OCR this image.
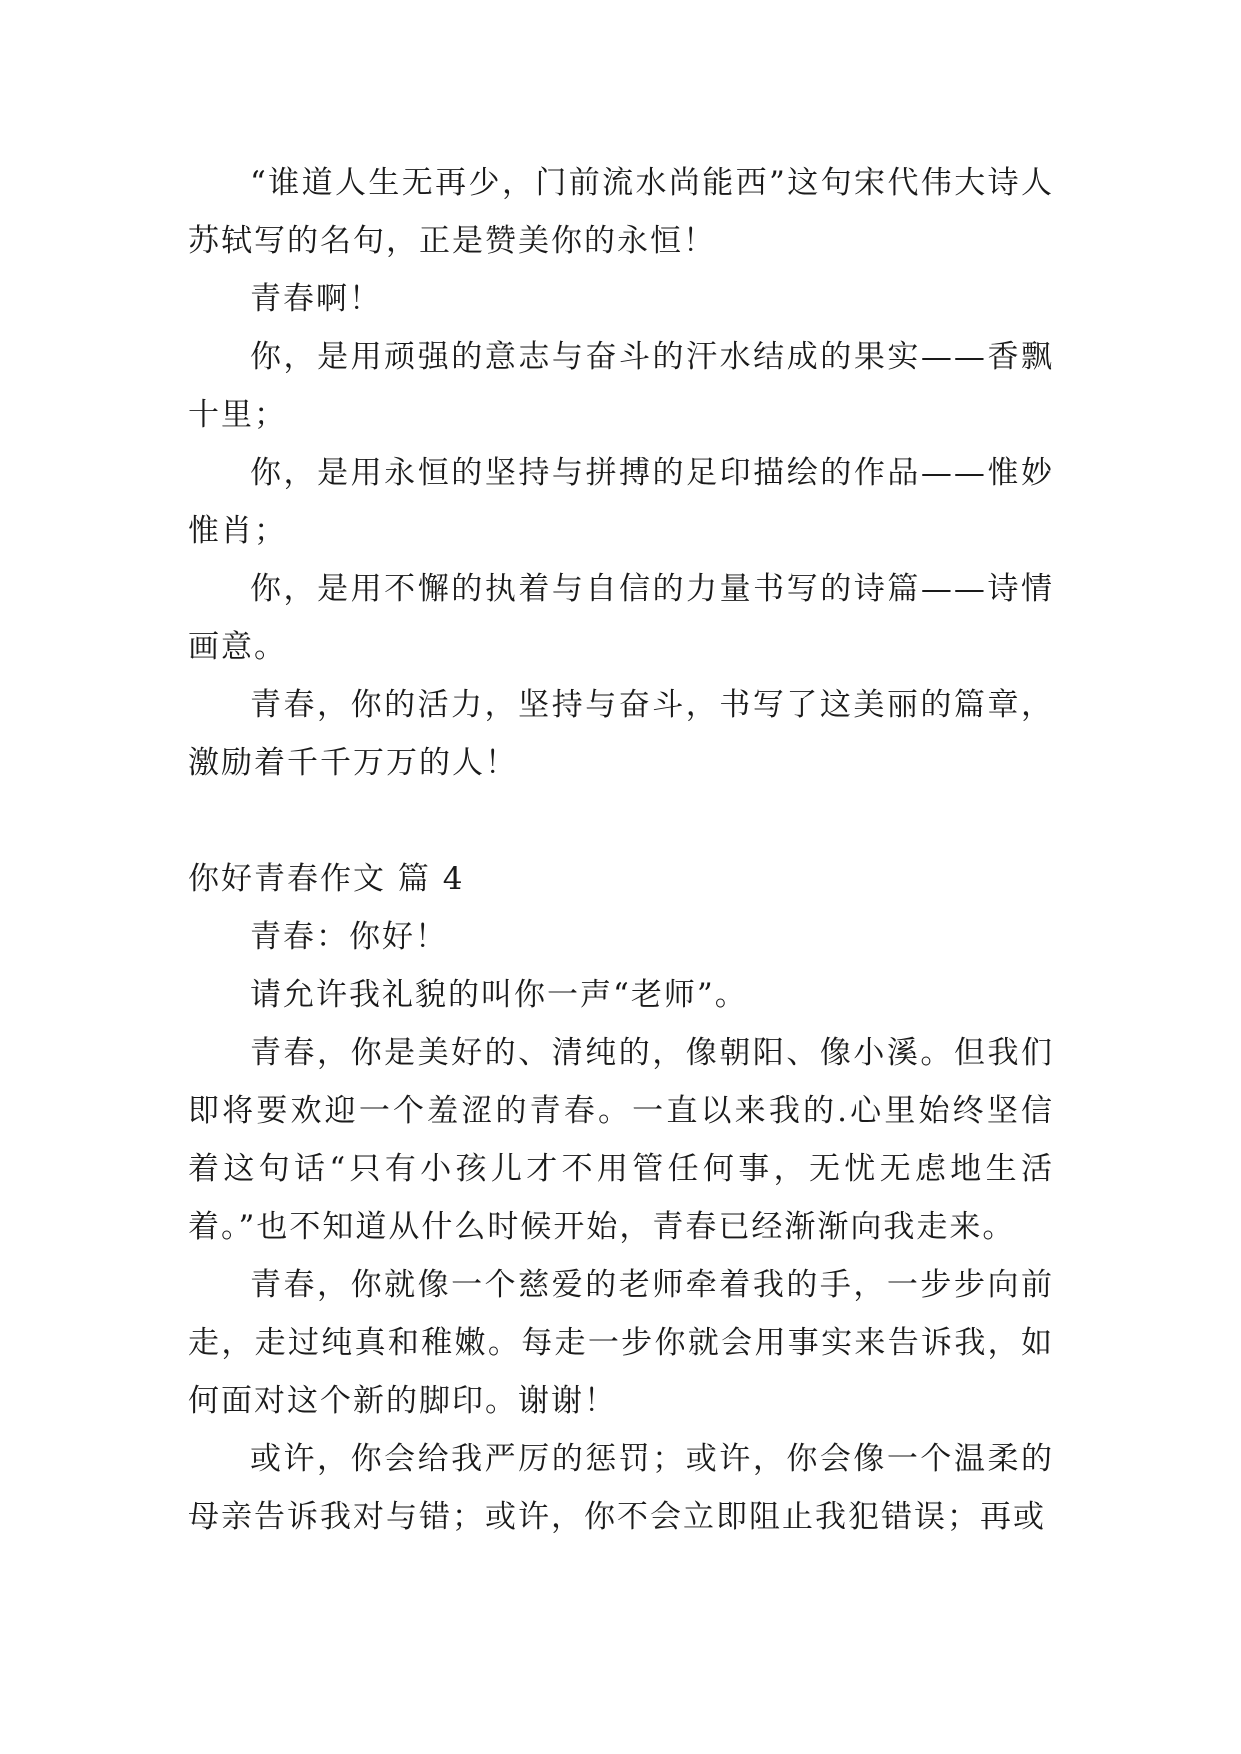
“谁道人生无再少，门前流水尚能西”这句宋代伟大诗人苏轼写的名句，正是赞美你的永恒！

青春啊！

你，是用顽强的意志与奋斗的汗水结成的果实——香飘十里；

你，是用永恒的坚持与拼搏的足印描绘的作品——惟妙惟肖；

你，是用不懈的执着与自信的力量书写的诗篇——诗情画意。

青春，你的活力，坚持与奋斗，书写了这美丽的篇章，激励着千千万万的人！

你好青春作文 篇 4

青春：你好！

请允许我礼貌的叫你一声“老师”。

青春，你是美好的、清纯的，像朝阳、像小溪。但我们即将要欢迎一个羞涩的青春。一直以来我的.心里始终坚信着这句话“只有小孩儿才不用管任何事，无忧无虑地生活着。”也不知道从什么时候开始，青春已经渐渐向我走来。

青春，你就像一个慈爱的老师牵着我的手，一步步向前走，走过纯真和稚嫩。每走一步你就会用事实来告诉我，如何面对这个新的脚印。谢谢！

或许，你会给我严厉的惩罚；或许，你会像一个温柔的母亲告诉我对与错；或许，你不会立即阻止我犯错误；再或
